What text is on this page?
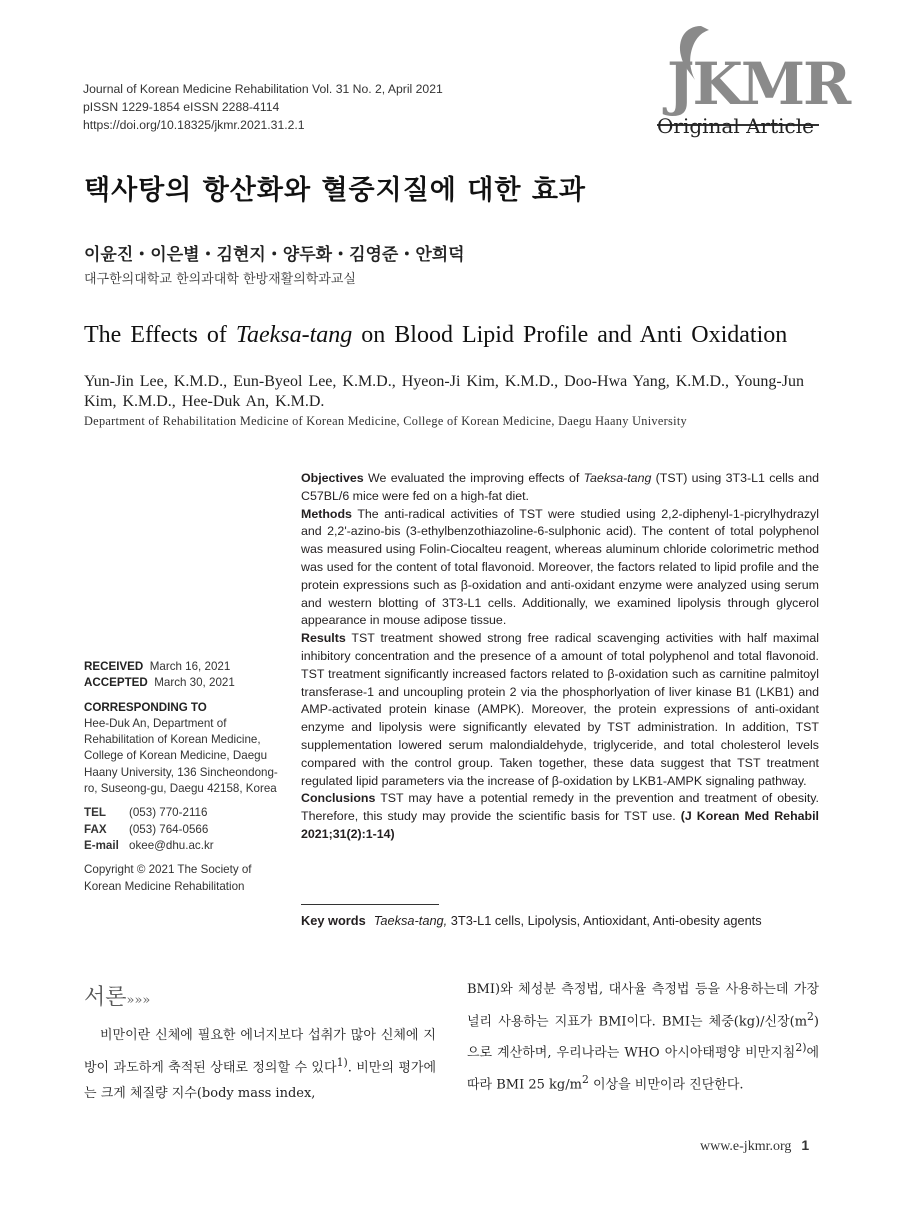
Journal of Korean Medicine Rehabilitation Vol. 31 No. 2, April 2021
pISSN 1229-1854 eISSN 2288-4114
https://doi.org/10.18325/jkmr.2021.31.2.1
JKMR
Original Article
택사탕의 항산화와 혈중지질에 대한 효과
이윤진・이은별・김현지・양두화・김영준・안희덕
대구한의대학교 한의과대학 한방재활의학과교실
The Effects of Taeksa-tang on Blood Lipid Profile and Anti Oxidation
Yun-Jin Lee, K.M.D., Eun-Byeol Lee, K.M.D., Hyeon-Ji Kim, K.M.D., Doo-Hwa Yang, K.M.D., Young-Jun Kim, K.M.D., Hee-Duk An, K.M.D.
Department of Rehabilitation Medicine of Korean Medicine, College of Korean Medicine, Daegu Haany University

Objectives We evaluated the improving effects of Taeksa-tang (TST) using 3T3-L1 cells and C57BL/6 mice were fed on a high-fat diet.

Methods The anti-radical activities of TST were studied using 2,2-diphenyl-1-picrylhydrazyl and 2,2'-azino-bis (3-ethylbenzothiazoline-6-sulphonic acid). The content of total polyphenol was measured using Folin-Ciocalteu reagent, whereas aluminum chloride colorimetric method was used for the content of total flavonoid. Moreover, the factors related to lipid profile and the protein expressions such as β-oxidation and anti-oxidant enzyme were analyzed using serum and western blotting of 3T3-L1 cells. Additionally, we examined lipolysis through glycerol appearance in mouse adipose tissue.

Results TST treatment showed strong free radical scavenging activities with half maximal inhibitory concentration and the presence of a amount of total polyphenol and total flavonoid. TST treatment significantly increased factors related to β-oxidation such as carnitine palmitoyl transferase-1 and uncoupling protein 2 via the phosphorlyation of liver kinase B1 (LKB1) and AMP-activated protein kinase (AMPK). Moreover, the protein expressions of anti-oxidant enzyme and lipolysis were significantly elevated by TST administration. In addition, TST supplementation lowered serum malondialdehyde, triglyceride, and total cholesterol levels compared with the control group. Taken together, these data suggest that TST treatment regulated lipid parameters via the increase of β-oxidation by LKB1-AMPK signaling pathway.

Conclusions TST may have a potential remedy in the prevention and treatment of obesity. Therefore, this study may provide the scientific basis for TST use. (J Korean Med Rehabil 2021;31(2):1-14)

RECEIVED March 16, 2021
ACCEPTED March 30, 2021
CORRESPONDING TO
Hee-Duk An, Department of Rehabilitation of Korean Medicine, College of Korean Medicine, Daegu Haany University, 136 Sincheondong-ro, Suseong-gu, Daegu 42158, Korea
TEL	(053) 770-2116
FAX	(053) 764-0566
E-mail okee@dhu.ac.kr
Copyright © 2021 The Society of Korean Medicine Rehabilitation
Key words Taeksa-tang, 3T3-L1 cells, Lipolysis, Antioxidant, Anti-obesity agents
서론»»»
비만이란 신체에 필요한 에너지보다 섭취가 많아 신체에 지방이 과도하게 축적된 상태로 정의할 수 있다$^{1)}$. 비만의 평가에는 크게 체질량 지수(body mass index,
BMI)와 체성분 측정법, 대사율 측정법 등을 사용하는데 가장 널리 사용하는 지표가 BMI이다. BMI는 체중(kg)/신장$(m^2)$으로 계산하며, 우리나라는 WHO 아시아태평양 비만지침$^{2)}$에 따라 BMI 25 $kg/m^2$ 이상을 비만이라 진단한다.
www.e-jkmr.org 1
